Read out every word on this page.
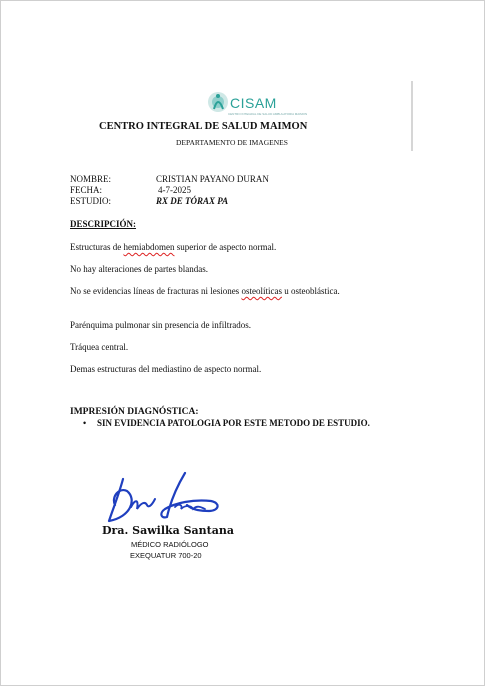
CISAM
CENTRO INTEGRAL DE SALUD AMBULATORIA MAIMON
CENTRO INTEGRAL DE SALUD MAIMON
DEPARTAMENTO DE IMAGENES
NOMBRE:	CRISTIAN PAYANO DURAN
FECHA:	4-7-2025
ESTUDIO:	RX DE TÓRAX PA
DESCRIPCIÓN:
Estructuras de hemiabdomen superior de aspecto normal.
No hay alteraciones de partes blandas.
No se evidencias líneas de fracturas ni lesiones osteolíticas u osteoblástica.
Parénquima pulmonar sin presencia de infiltrados.
Tráquea central.
Demas estructuras del mediastino de aspecto normal.
IMPRESIÓN DIAGNÓSTICA:
• SIN EVIDENCIA PATOLOGIA POR ESTE METODO DE ESTUDIO.
Dra. Sawilka Santana
MÉDICO RADIÓLOGO
EXEQUATUR 700-20
